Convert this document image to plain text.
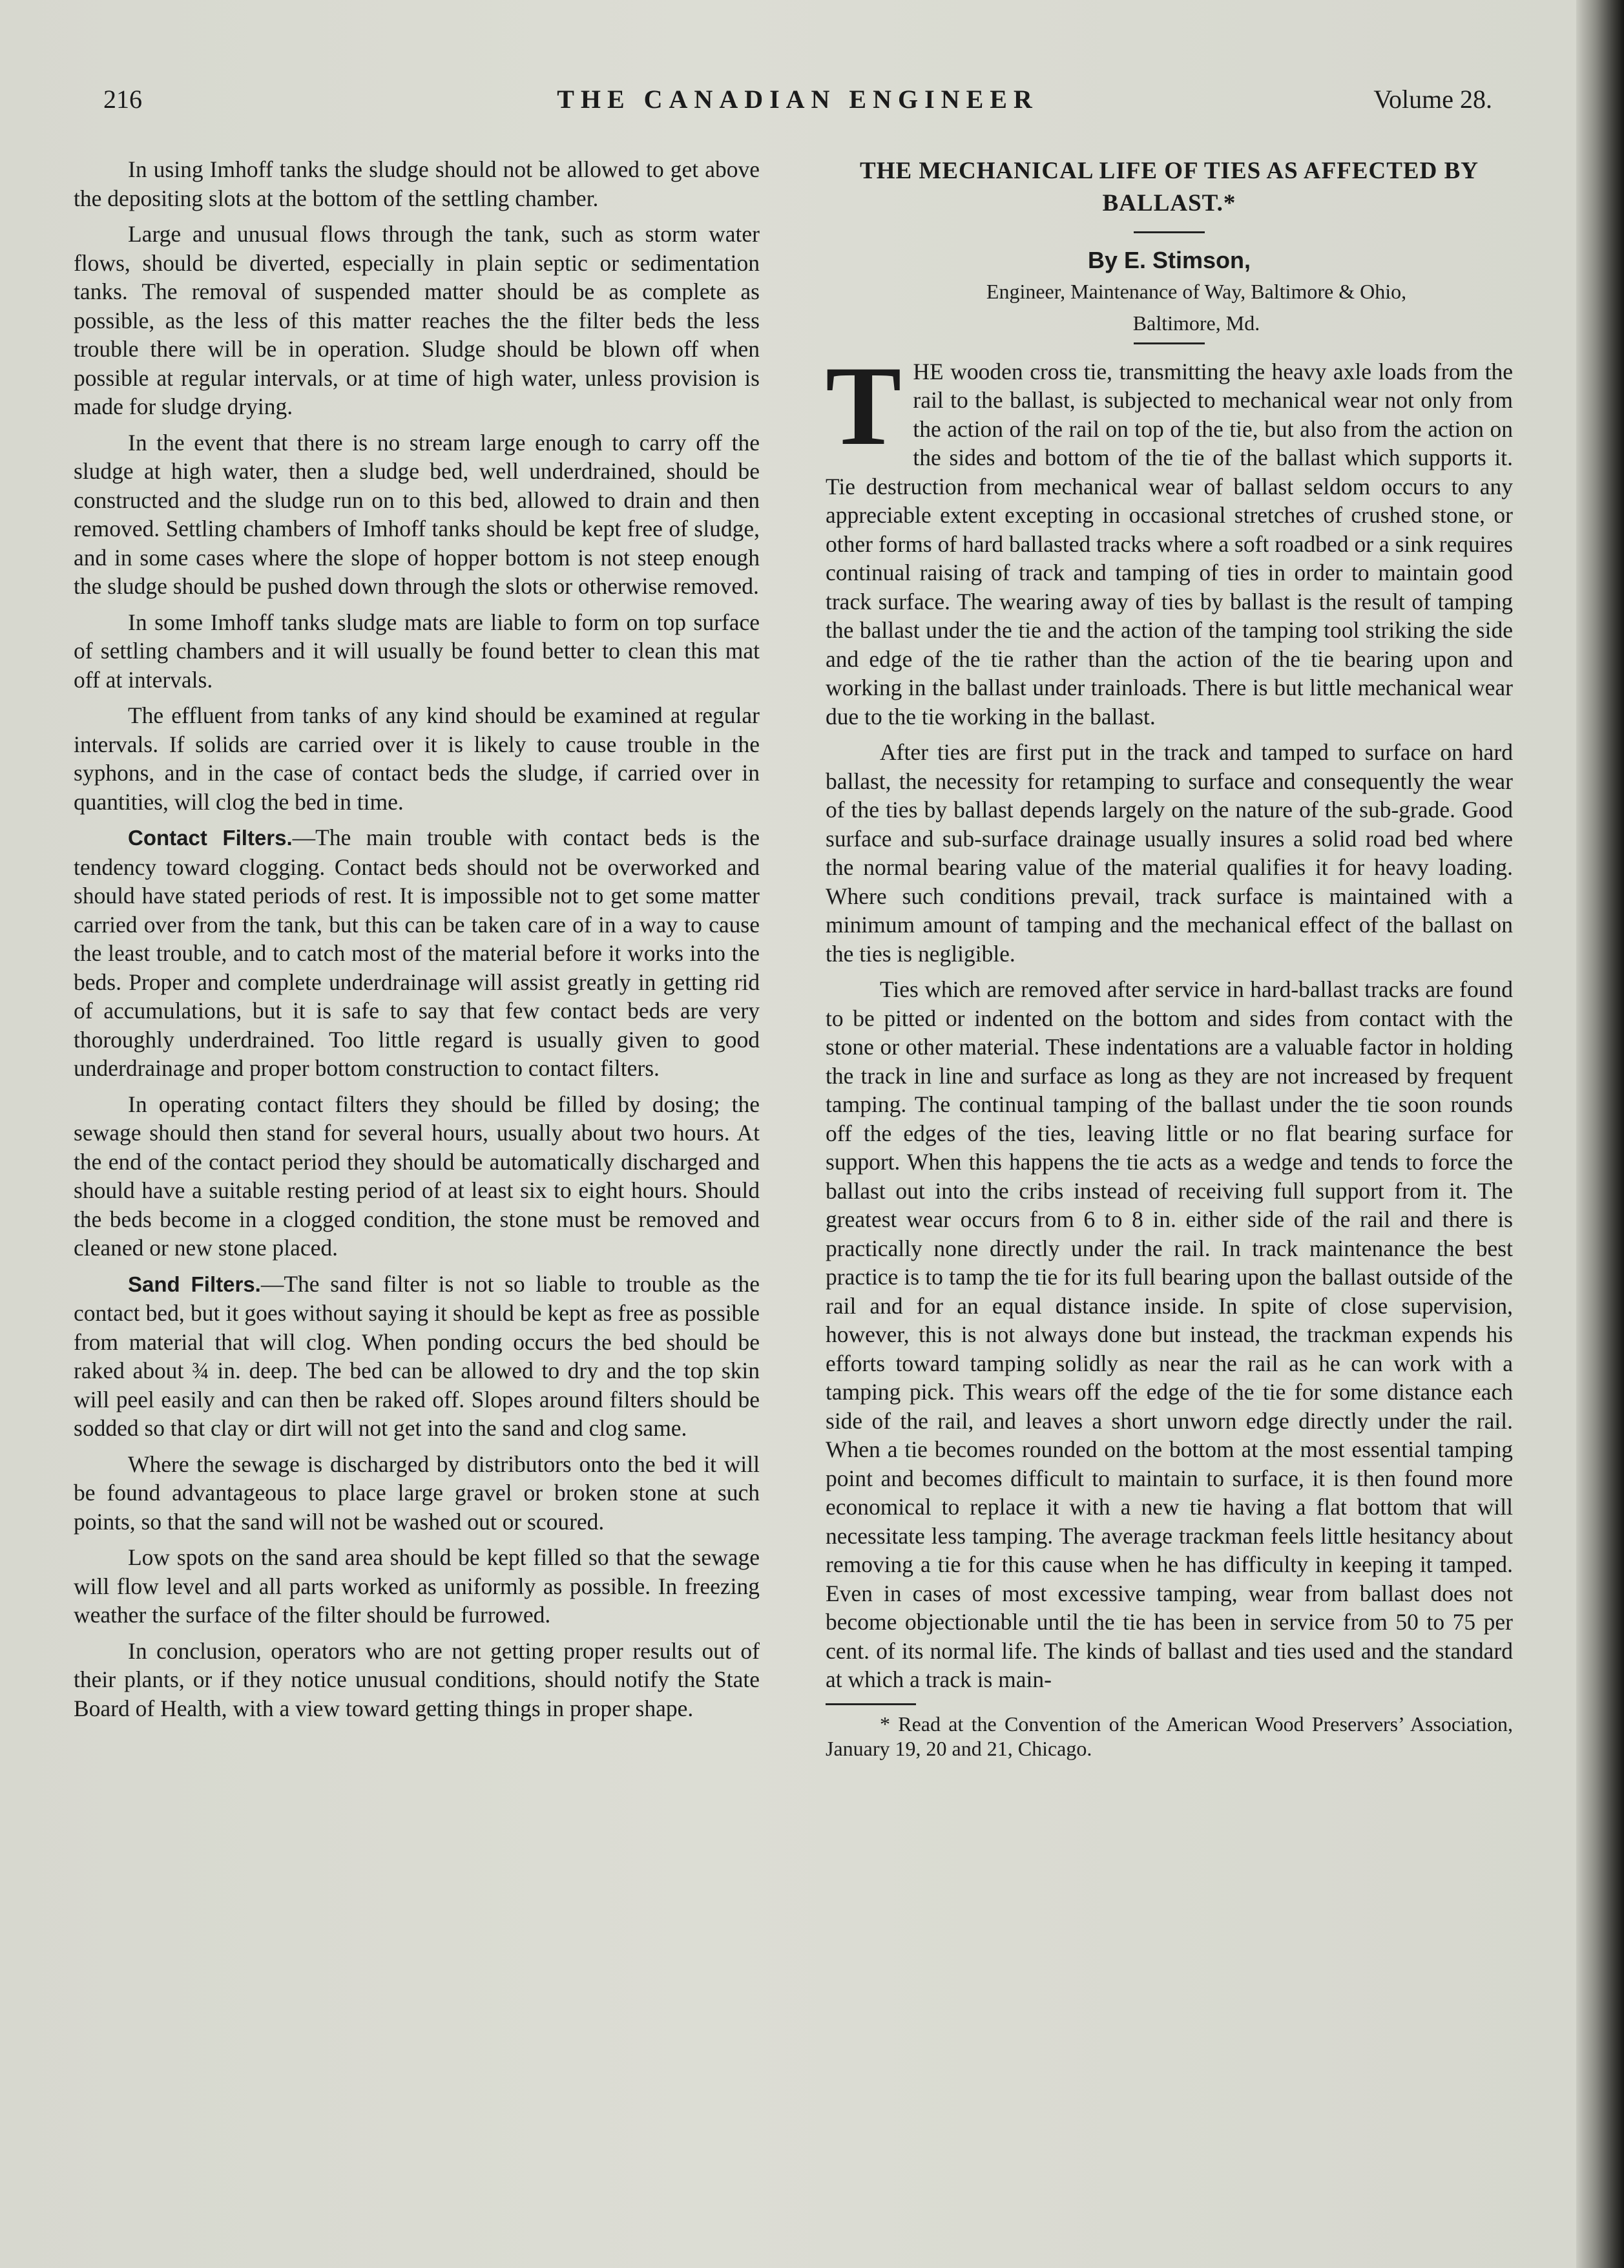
216	THE CANADIAN ENGINEER	Volume 28.

In using Imhoff tanks the sludge should not be allowed to get above the depositing slots at the bottom of the settling chamber.

Large and unusual flows through the tank, such as storm water flows, should be diverted, especially in plain septic or sedimentation tanks. The removal of suspended matter should be as complete as possible, as the less of this matter reaches the the filter beds the less trouble there will be in operation. Sludge should be blown off when possible at regular intervals, or at time of high water, unless provision is made for sludge drying.

In the event that there is no stream large enough to carry off the sludge at high water, then a sludge bed, well underdrained, should be constructed and the sludge run on to this bed, allowed to drain and then removed. Settling chambers of Imhoff tanks should be kept free of sludge, and in some cases where the slope of hopper bottom is not steep enough the sludge should be pushed down through the slots or otherwise removed.

In some Imhoff tanks sludge mats are liable to form on top surface of settling chambers and it will usually be found better to clean this mat off at intervals.

The effluent from tanks of any kind should be examined at regular intervals. If solids are carried over it is likely to cause trouble in the syphons, and in the case of contact beds the sludge, if carried over in quantities, will clog the bed in time.

Contact Filters.—The main trouble with contact beds is the tendency toward clogging. Contact beds should not be overworked and should have stated periods of rest. It is impossible not to get some matter carried over from the tank, but this can be taken care of in a way to cause the least trouble, and to catch most of the material before it works into the beds. Proper and complete underdrainage will assist greatly in getting rid of accumulations, but it is safe to say that few contact beds are very thoroughly underdrained. Too little regard is usually given to good underdrainage and proper bottom construction to contact filters.

In operating contact filters they should be filled by dosing; the sewage should then stand for several hours, usually about two hours. At the end of the contact period they should be automatically discharged and should have a suitable resting period of at least six to eight hours. Should the beds become in a clogged condition, the stone must be removed and cleaned or new stone placed.

Sand Filters.—The sand filter is not so liable to trouble as the contact bed, but it goes without saying it should be kept as free as possible from material that will clog. When ponding occurs the bed should be raked about ¾ in. deep. The bed can be allowed to dry and the top skin will peel easily and can then be raked off. Slopes around filters should be sodded so that clay or dirt will not get into the sand and clog same.

Where the sewage is discharged by distributors onto the bed it will be found advantageous to place large gravel or broken stone at such points, so that the sand will not be washed out or scoured.

Low spots on the sand area should be kept filled so that the sewage will flow level and all parts worked as uniformly as possible. In freezing weather the surface of the filter should be furrowed.

In conclusion, operators who are not getting proper results out of their plants, or if they notice unusual conditions, should notify the State Board of Health, with a view toward getting things in proper shape.

THE MECHANICAL LIFE OF TIES AS AFFECTED BY BALLAST.*
By E. Stimson,

Engineer, Maintenance of Way, Baltimore & Ohio,

Baltimore, Md.

THE wooden cross tie, transmitting the heavy axle loads from the rail to the ballast, is subjected to mechanical wear not only from the action of the rail on top of the tie, but also from the action on the sides and bottom of the tie of the ballast which supports it. Tie destruction from mechanical wear of ballast seldom occurs to any appreciable extent excepting in occasional stretches of crushed stone, or other forms of hard ballasted tracks where a soft roadbed or a sink requires continual raising of track and tamping of ties in order to maintain good track surface. The wearing away of ties by ballast is the result of tamping the ballast under the tie and the action of the tamping tool striking the side and edge of the tie rather than the action of the tie bearing upon and working in the ballast under trainloads. There is but little mechanical wear due to the tie working in the ballast.

After ties are first put in the track and tamped to surface on hard ballast, the necessity for retamping to surface and consequently the wear of the ties by ballast depends largely on the nature of the sub-grade. Good surface and sub-surface drainage usually insures a solid road bed where the normal bearing value of the material qualifies it for heavy loading. Where such conditions prevail, track surface is maintained with a minimum amount of tamping and the mechanical effect of the ballast on the ties is negligible.

Ties which are removed after service in hard-ballast tracks are found to be pitted or indented on the bottom and sides from contact with the stone or other material. These indentations are a valuable factor in holding the track in line and surface as long as they are not increased by frequent tamping. The continual tamping of the ballast under the tie soon rounds off the edges of the ties, leaving little or no flat bearing surface for support. When this happens the tie acts as a wedge and tends to force the ballast out into the cribs instead of receiving full support from it. The greatest wear occurs from 6 to 8 in. either side of the rail and there is practically none directly under the rail. In track maintenance the best practice is to tamp the tie for its full bearing upon the ballast outside of the rail and for an equal distance inside. In spite of close supervision, however, this is not always done but instead, the trackman expends his efforts toward tamping solidly as near the rail as he can work with a tamping pick. This wears off the edge of the tie for some distance each side of the rail, and leaves a short unworn edge directly under the rail. When a tie becomes rounded on the bottom at the most essential tamping point and becomes difficult to maintain to surface, it is then found more economical to replace it with a new tie having a flat bottom that will necessitate less tamping. The average trackman feels little hesitancy about removing a tie for this cause when he has difficulty in keeping it tamped. Even in cases of most excessive tamping, wear from ballast does not become objectionable until the tie has been in service from 50 to 75 per cent. of its normal life. The kinds of ballast and ties used and the standard at which a track is main-

* Read at the Convention of the American Wood Preservers’ Association, January 19, 20 and 21, Chicago.
